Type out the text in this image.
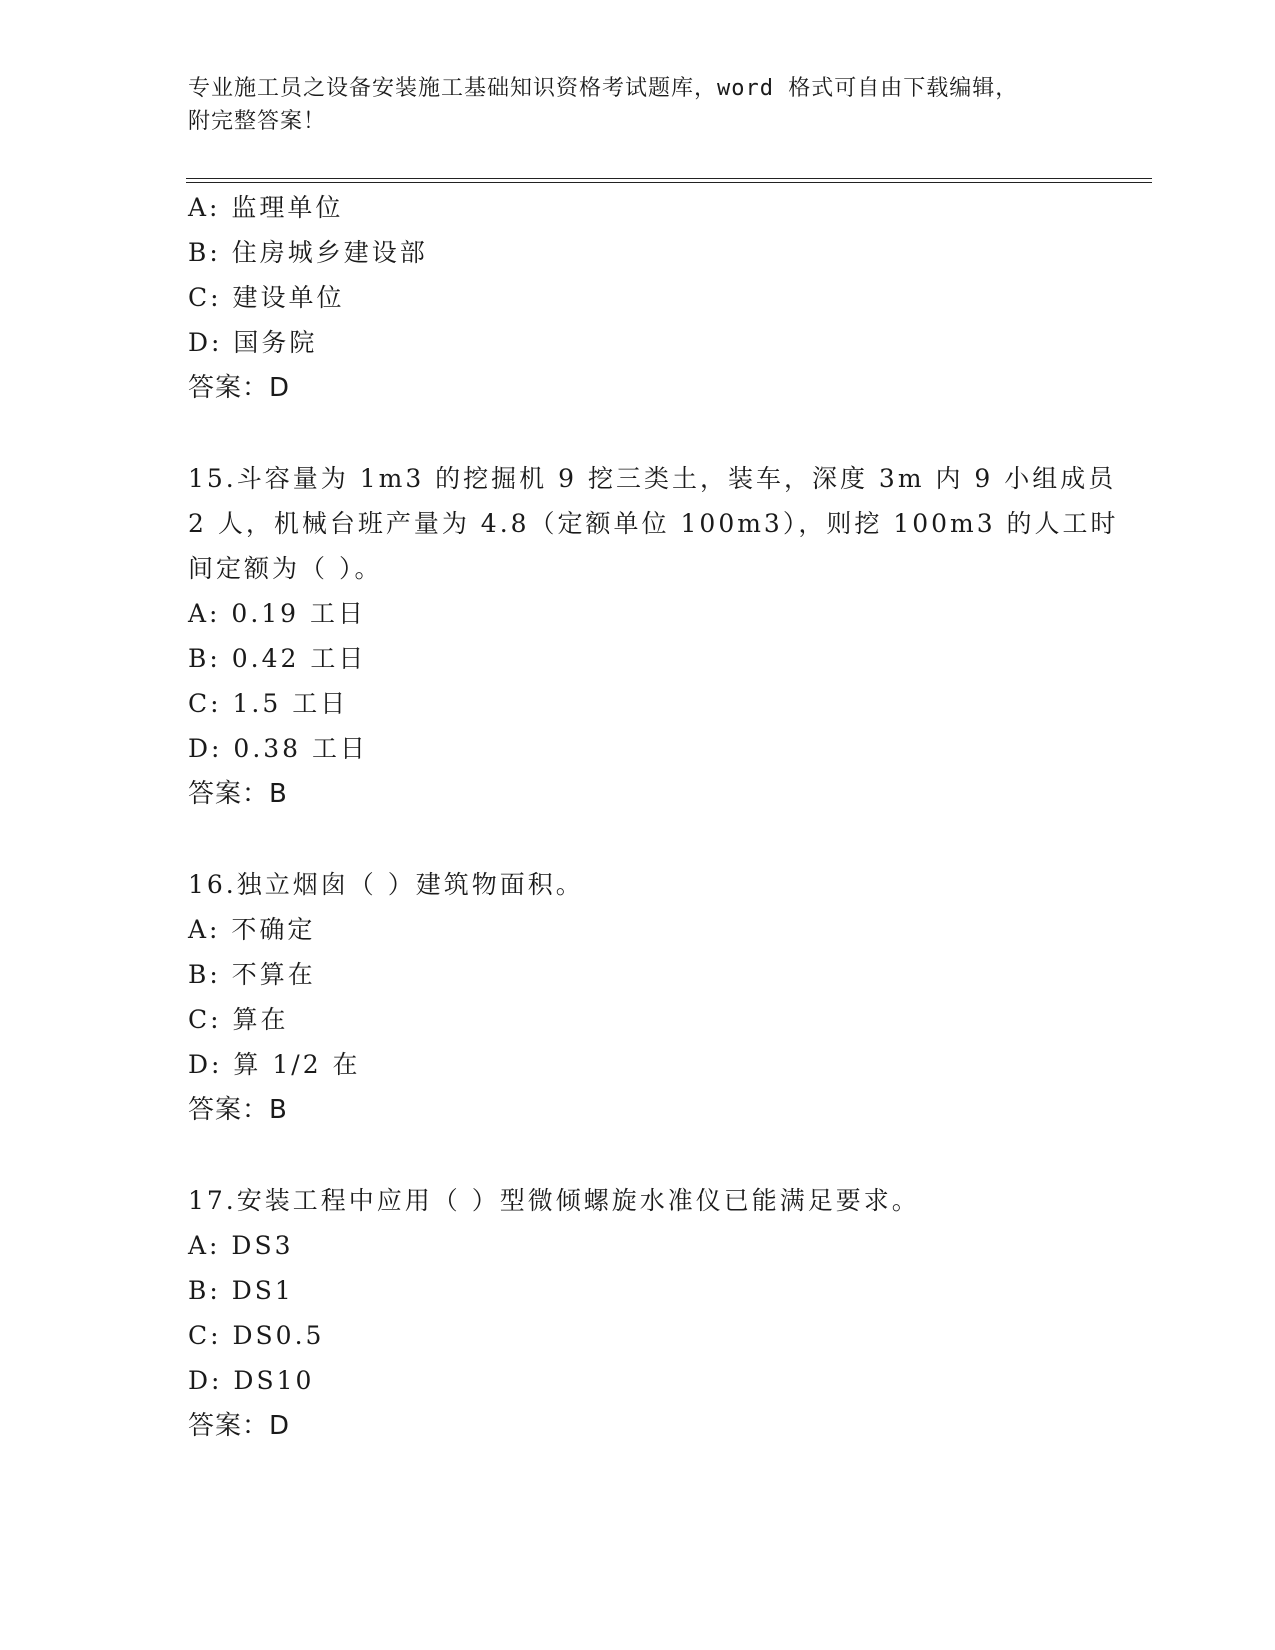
专业施工员之设备安装施工基础知识资格考试题库，word 格式可自由下载编辑，
附完整答案！
A: 监理单位
B: 住房城乡建设部
C: 建设单位
D: 国务院
答案：D
15.斗容量为 1m3 的挖掘机 9 挖三类土，装车，深度 3m 内 9 小组成员
2 人，机械台班产量为 4.8（定额单位 100m3），则挖 100m3 的人工时
间定额为（ ）。
A: 0.19 工日
B: 0.42 工日
C: 1.5 工日
D: 0.38 工日
答案：B
16.独立烟囱（ ）建筑物面积。
A: 不确定
B: 不算在
C: 算在
D: 算 1/2 在
答案：B
17.安装工程中应用（ ）型微倾螺旋水准仪已能满足要求。
A: DS3
B: DS1
C: DS0.5
D: DS10
答案：D
